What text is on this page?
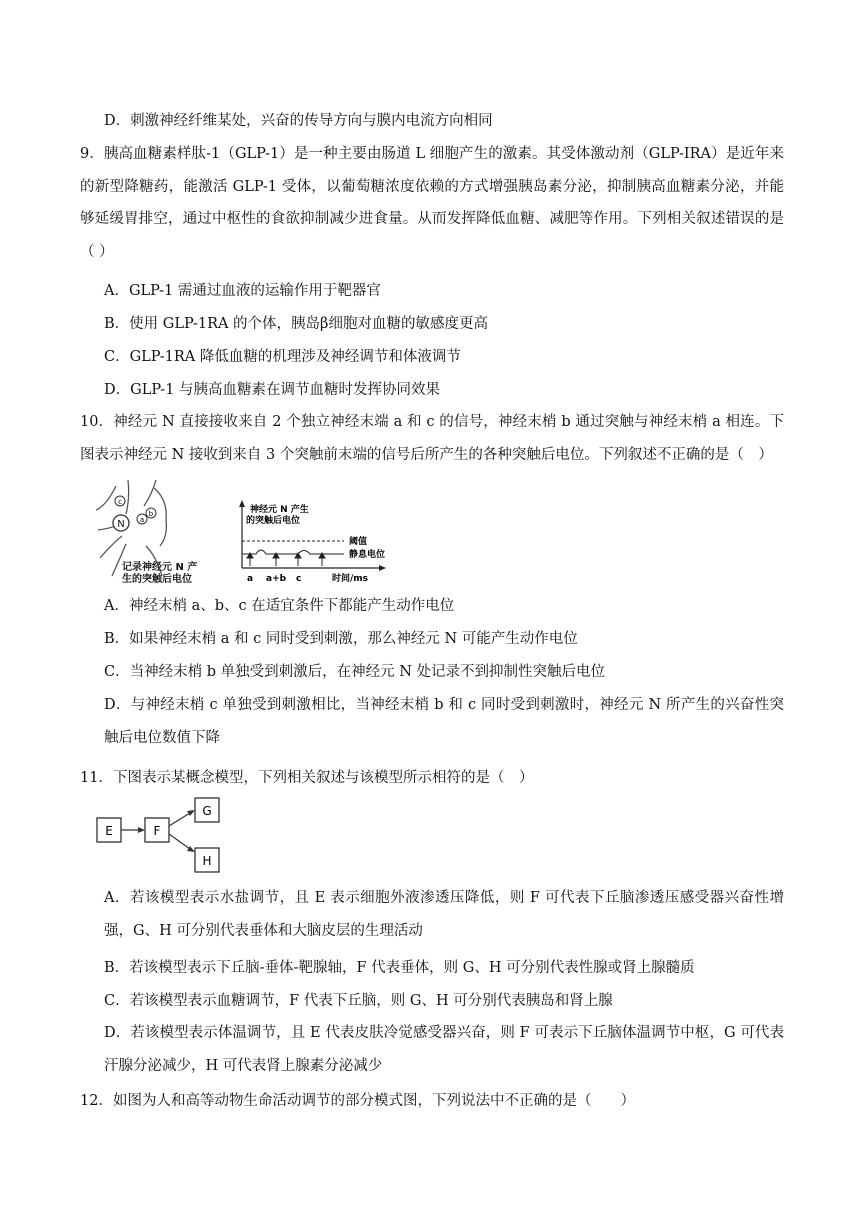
D．刺激神经纤维某处，兴奋的传导方向与膜内电流方向相同
9．胰高血糖素样肽-1（GLP-1）是一种主要由肠道 L 细胞产生的激素。其受体激动剂（GLP-IRA）是近年来的新型降糖药，能激活 GLP-1 受体，以葡萄糖浓度依赖的方式增强胰岛素分泌，抑制胰高血糖素分泌，并能够延缓胃排空，通过中枢性的食欲抑制减少进食量。从而发挥降低血糖、减肥等作用。下列相关叙述错误的是（ ）
A．GLP-1 需通过血液的运输作用于靶器官
B．使用 GLP-1RA 的个体，胰岛β细胞对血糖的敏感度更高
C．GLP-1RA 降低血糖的机理涉及神经调节和体液调节
D．GLP-1 与胰高血糖素在调节血糖时发挥协同效果
10．神经元 N 直接接收来自 2 个独立神经末端 a 和 c 的信号，神经末梢 b 通过突触与神经末梢 a 相连。下图表示神经元 N 接收到来自 3 个突触前末端的信号后所产生的各种突触后电位。下列叙述不正确的是（　）
N
c
a
b
记录神经元 N 产
生的突触后电位
神经元 N 产生
的突触后电位
阈值
静息电位
a a+b c	时间/ms
A．神经末梢 a、b、c 在适宜条件下都能产生动作电位
B．如果神经末梢 a 和 c 同时受到刺激，那么神经元 N 可能产生动作电位
C．当神经末梢 b 单独受到刺激后，在神经元 N 处记录不到抑制性突触后电位
D．与神经末梢 c 单独受到刺激相比，当神经末梢 b 和 c 同时受到刺激时，神经元 N 所产生的兴奋性突触后电位数值下降
11．下图表示某概念模型，下列相关叙述与该模型所示相符的是（　）
E	F
G
H
A．若该模型表示水盐调节，且 E 表示细胞外液渗透压降低，则 F 可代表下丘脑渗透压感受器兴奋性增强，G、H 可分别代表垂体和大脑皮层的生理活动
B．若该模型表示下丘脑-垂体-靶腺轴，F 代表垂体，则 G、H 可分别代表性腺或肾上腺髓质
C．若该模型表示血糖调节，F 代表下丘脑，则 G、H 可分别代表胰岛和肾上腺
D．若该模型表示体温调节，且 E 代表皮肤冷觉感受器兴奋，则 F 可表示下丘脑体温调节中枢，G 可代表汗腺分泌减少，H 可代表肾上腺素分泌减少
12．如图为人和高等动物生命活动调节的部分模式图，下列说法中不正确的是（　　）
